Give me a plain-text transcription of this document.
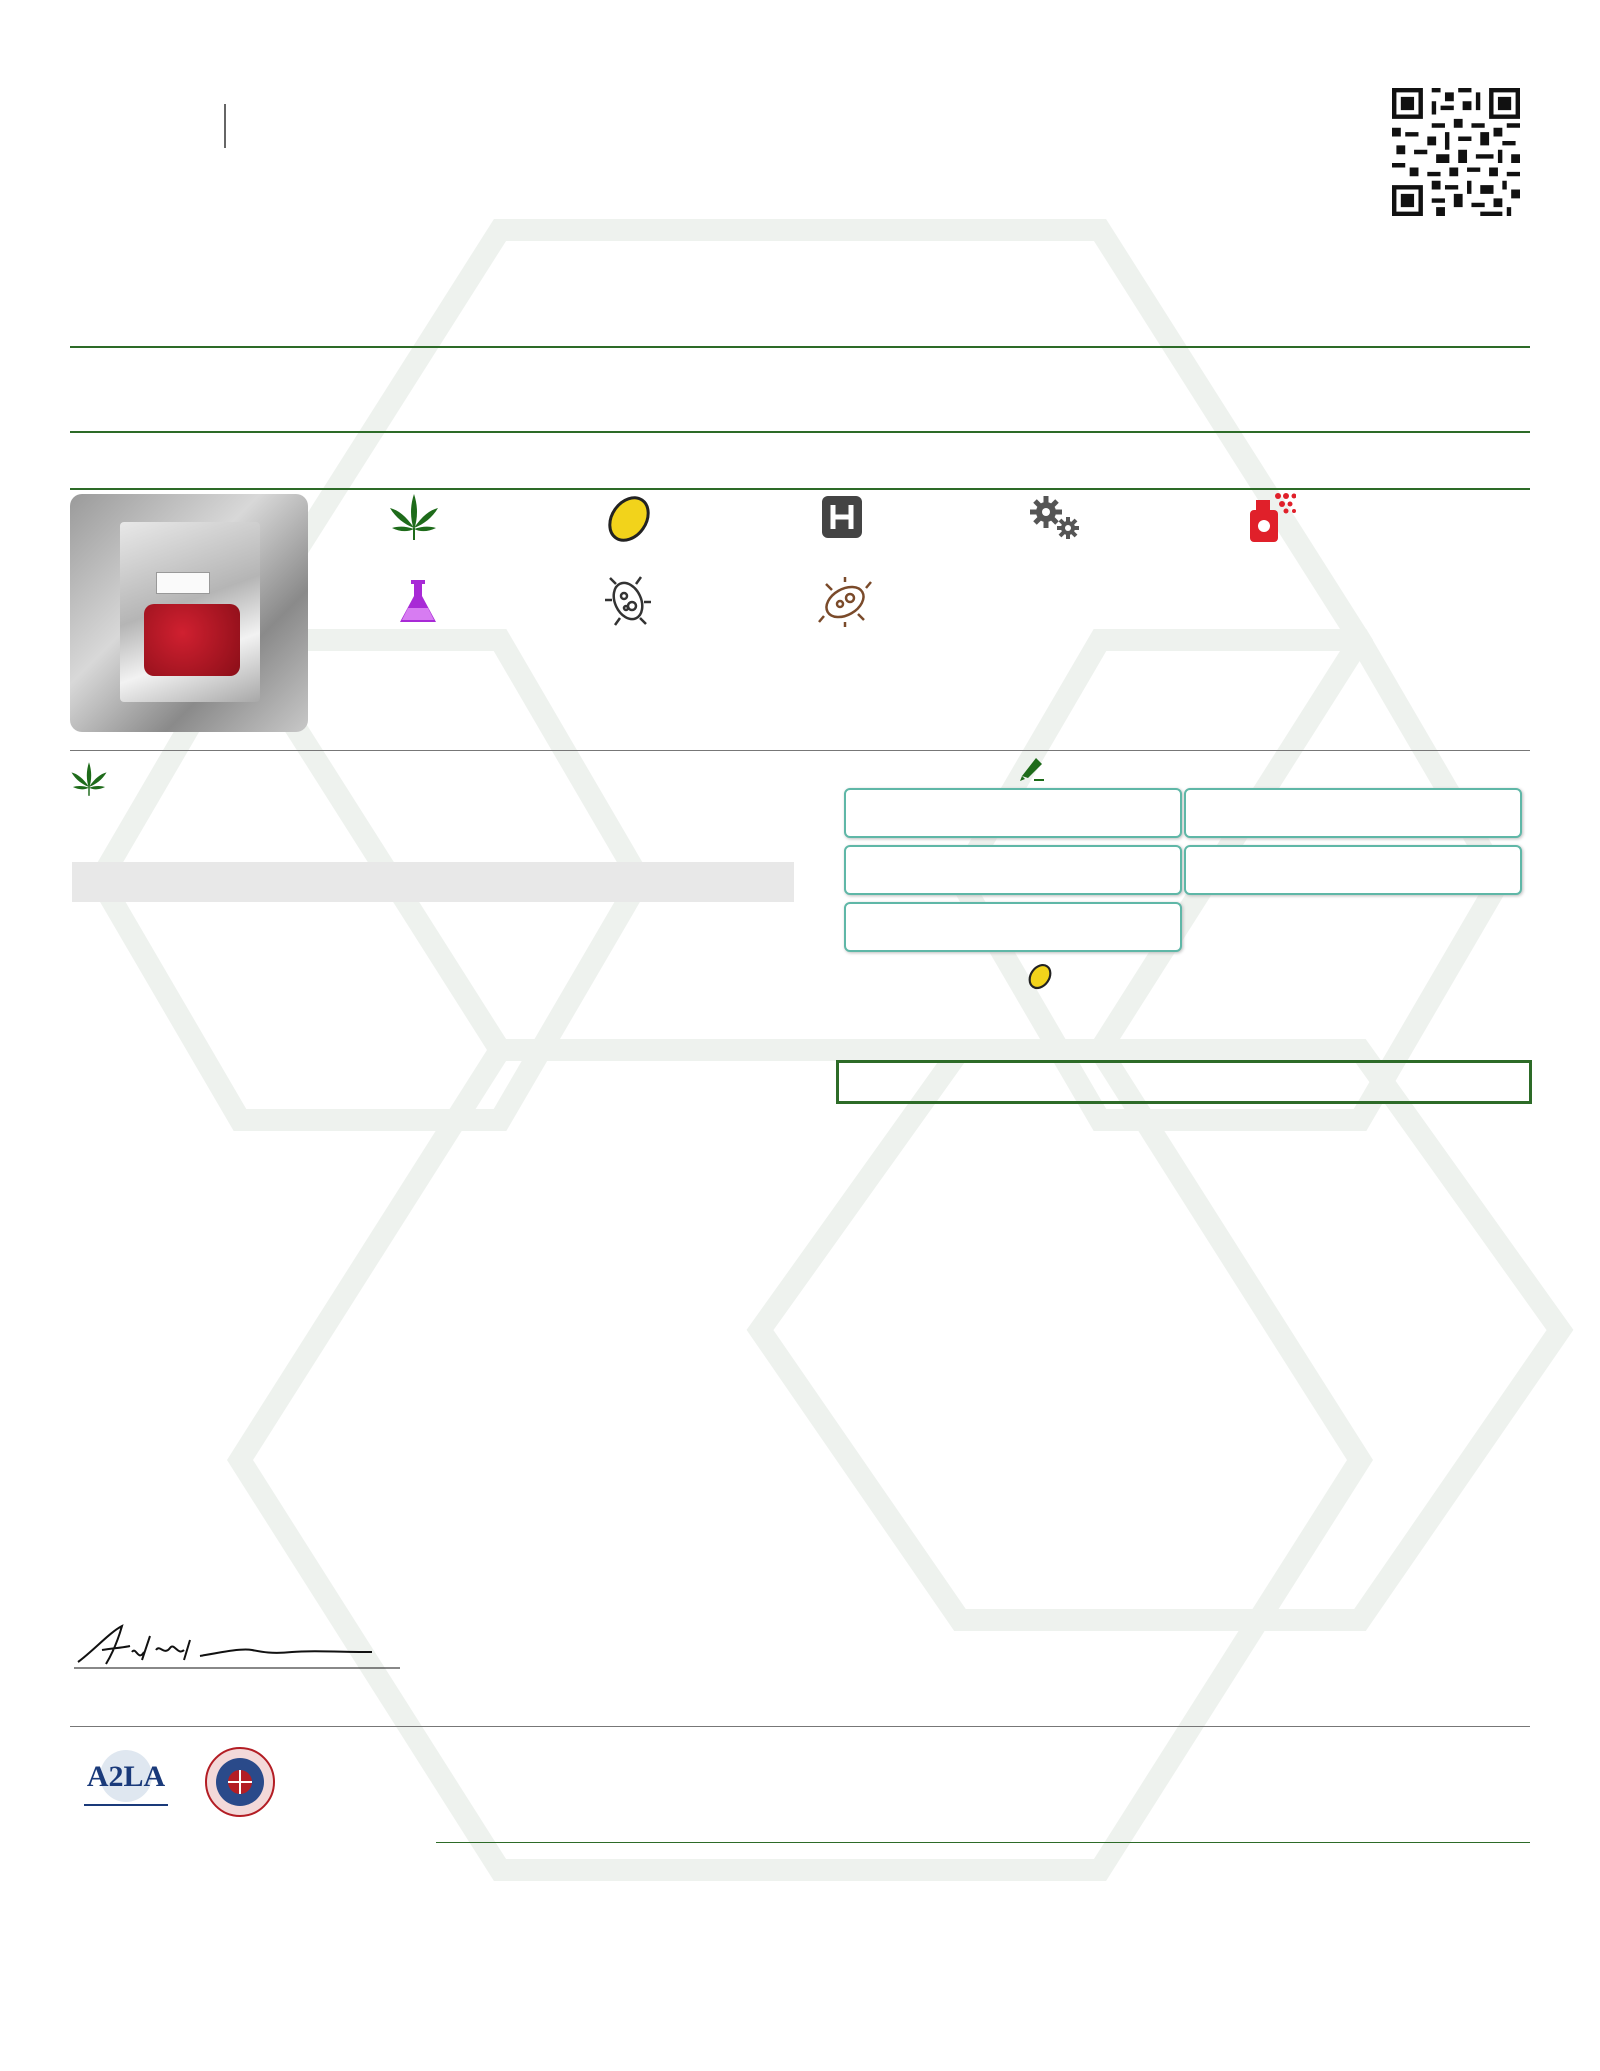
A2LA
